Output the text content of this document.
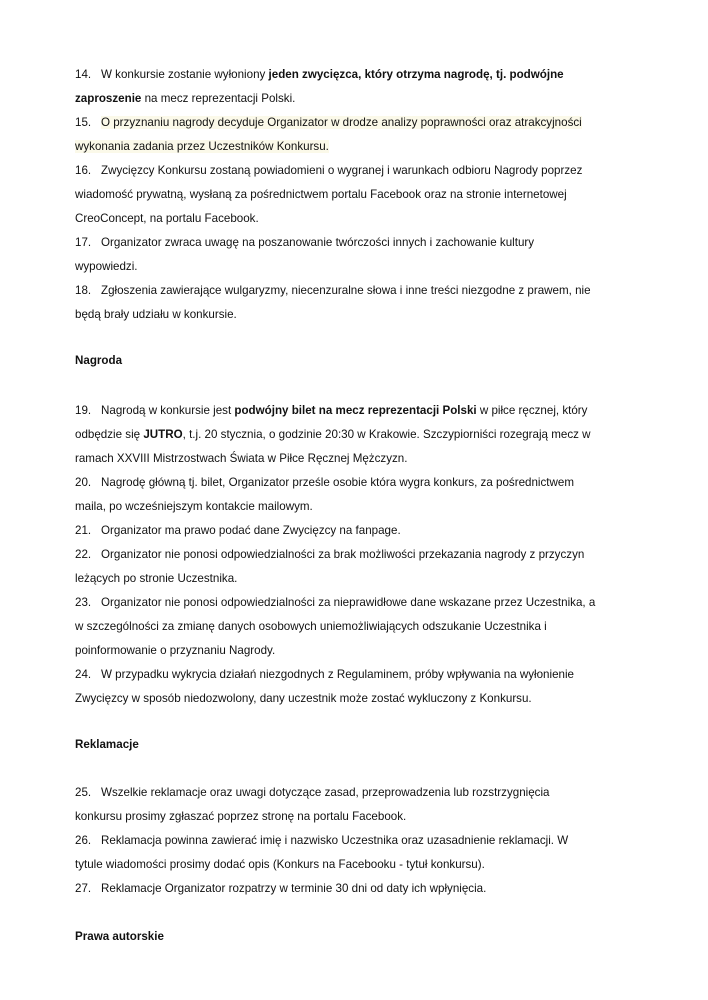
14. W konkursie zostanie wyłoniony jeden zwycięzca, który otrzyma nagrodę, tj. podwójne
zaproszenie na mecz reprezentacji Polski.
15. O przyznaniu nagrody decyduje Organizator w drodze analizy poprawności oraz atrakcyjności
wykonania zadania przez Uczestników Konkursu.
16. Zwycięzcy Konkursu zostaną powiadomieni o wygranej i warunkach odbioru Nagrody poprzez
wiadomość prywatną, wysłaną za pośrednictwem portalu Facebook oraz na stronie internetowej
CreoConcept, na portalu Facebook.
17. Organizator zwraca uwagę na poszanowanie twórczości innych i zachowanie kultury
wypowiedzi.
18. Zgłoszenia zawierające wulgaryzmy, niecenzuralne słowa i inne treści niezgodne z prawem, nie
będą brały udziału w konkursie.
Nagroda
19. Nagrodą w konkursie jest podwójny bilet na mecz reprezentacji Polski w piłce ręcznej, który
odbędzie się JUTRO, t.j. 20 stycznia, o godzinie 20:30 w Krakowie. Szczypiorniści rozegrają mecz w
ramach XXVIII Mistrzostwach Świata w Piłce Ręcznej Mężczyzn.
20. Nagrodę główną tj. bilet, Organizator prześle osobie która wygra konkurs, za pośrednictwem
maila, po wcześniejszym kontakcie mailowym.
21. Organizator ma prawo podać dane Zwycięzcy na fanpage.
22. Organizator nie ponosi odpowiedzialności za brak możliwości przekazania nagrody z przyczyn
leżących po stronie Uczestnika.
23. Organizator nie ponosi odpowiedzialności za nieprawidłowe dane wskazane przez Uczestnika, a
w szczególności za zmianę danych osobowych uniemożliwiających odszukanie Uczestnika i
poinformowanie o przyznaniu Nagrody.
24. W przypadku wykrycia działań niezgodnych z Regulaminem, próby wpływania na wyłonienie
Zwycięzcy w sposób niedozwolony, dany uczestnik może zostać wykluczony z Konkursu.
Reklamacje
25. Wszelkie reklamacje oraz uwagi dotyczące zasad, przeprowadzenia lub rozstrzygnięcia
konkursu prosimy zgłaszać poprzez stronę na portalu Facebook.
26. Reklamacja powinna zawierać imię i nazwisko Uczestnika oraz uzasadnienie reklamacji. W
tytule wiadomości prosimy dodać opis (Konkurs na Facebooku - tytuł konkursu).
27. Reklamacje Organizator rozpatrzy w terminie 30 dni od daty ich wpłynięcia.
Prawa autorskie
